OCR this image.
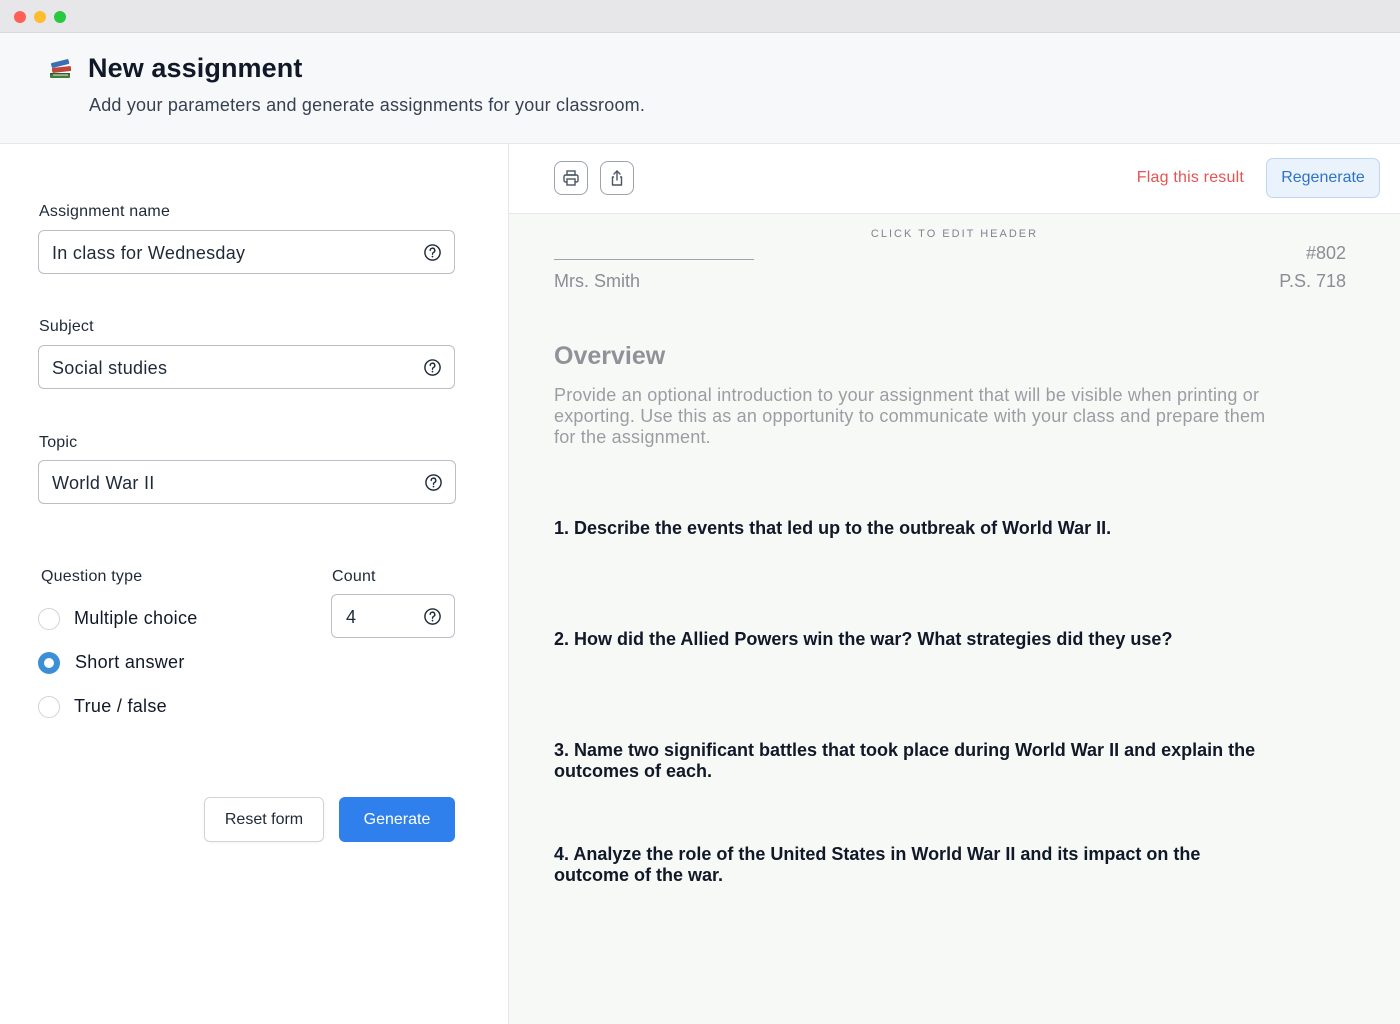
New assignment
Add your parameters and generate assignments for your classroom.
Assignment name
In class for Wednesday
Subject
Social studies
Topic
World War II
Question type
Multiple choice
Short answer
True / false
Count
4
Reset form	Generate
Flag this result	Regenerate
CLICK TO EDIT HEADER
Mrs. Smith
#802
P.S. 718
Overview
Provide an optional introduction to your assignment that will be visible when printing or exporting. Use this as an opportunity to communicate with your class and prepare them for the assignment.
1. Describe the events that led up to the outbreak of World War II.
2. How did the Allied Powers win the war? What strategies did they use?
3. Name two significant battles that took place during World War II and explain the outcomes of each.
4. Analyze the role of the United States in World War II and its impact on the outcome of the war.
